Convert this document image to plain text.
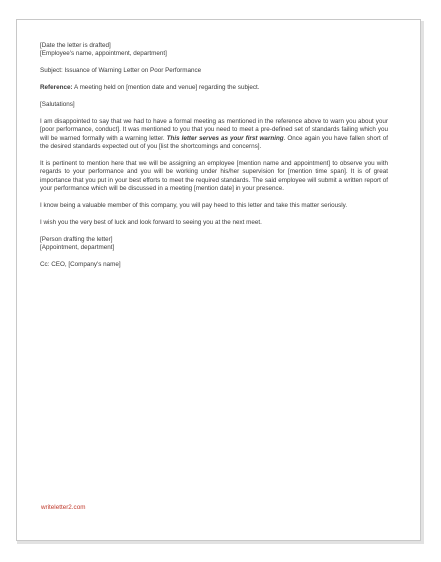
[Date the letter is drafted]

[Employee's name, appointment, department]

Subject: Issuance of Warning Letter on Poor Performance

Reference: A meeting held on [mention date and venue] regarding the subject.

[Salutations]

I am disappointed to say that we had to have a formal meeting as mentioned in the reference above to warn you about your [poor performance, conduct]. It was mentioned to you that you need to meet a pre-defined set of standards failing which you will be warned formally with a warning letter. This letter serves as your first warning. Once again you have fallen short of the desired standards expected out of you [list the shortcomings and concerns].

It is pertinent to mention here that we will be assigning an employee [mention name and appointment] to observe you with regards to your performance and you will be working under his/her supervision for [mention time span]. It is of great importance that you put in your best efforts to meet the required standards. The said employee will submit a written report of your performance which will be discussed in a meeting [mention date] in your presence.

I know being a valuable member of this company, you will pay heed to this letter and take this matter seriously.

I wish you the very best of luck and look forward to seeing you at the next meet.

[Person drafting the letter]

[Appointment, department]

Cc: CEO, [Company's name]

writeletter2.com
